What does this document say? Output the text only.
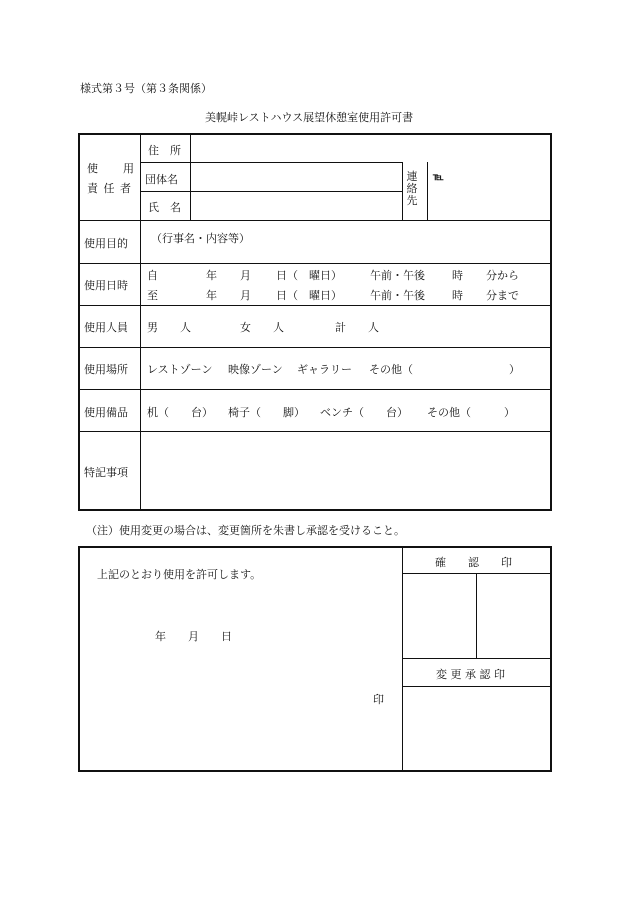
様式第３号（第３条関係）
美幌峠レストハウス展望休憩室使用許可書
使　　用
責 任 者
住　所
団体名
氏　名
連絡先
℡
使用目的 （行事名・内容等）
使用日時
自	年 月 日（　曜日）	午前・午後 時 分から
至	年 月 日（　曜日）	午前・午後 時 分まで
使用人員 男　　人	女　　人	計　　人
使用場所 レストゾーン 映像ゾーン ギャラリー その他（	）
使用備品 机（　　台） 椅子（　　脚） ベンチ（　　台） その他（　　　）
特記事項
（注）使用変更の場合は、変更箇所を朱書し承認を受けること。
上記のとおり使用を許可します。
年　　月　　日
印
確　　認　　印
変 更 承 認 印
